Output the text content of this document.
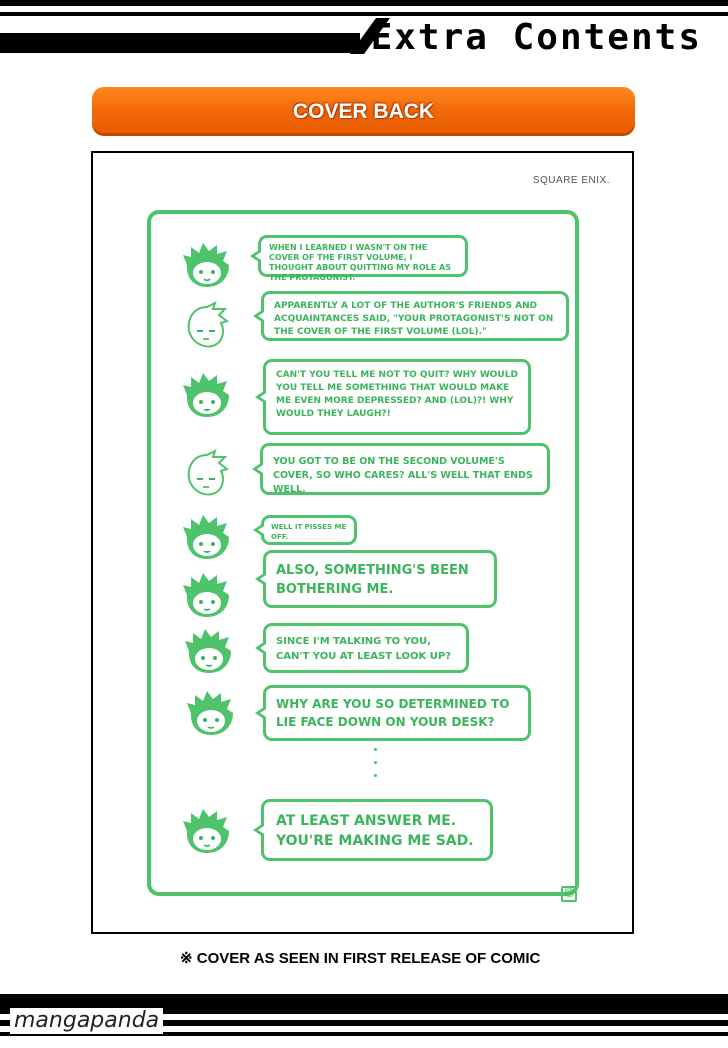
Extra Contents
COVER BACK
SQUARE ENIX.
WHEN I LEARNED I WASN'T ON THE COVER OF THE FIRST VOLUME, I THOUGHT ABOUT QUITTING MY ROLE AS THE PROTAGONIST.
APPARENTLY A LOT OF THE AUTHOR'S FRIENDS AND ACQUAINTANCES SAID, "YOUR PROTAGONIST'S NOT ON THE COVER OF THE FIRST VOLUME (LOL)."
CAN'T YOU TELL ME NOT TO QUIT? WHY WOULD YOU TELL ME SOMETHING THAT WOULD MAKE ME EVEN MORE DEPRESSED? AND (LOL)?! WHY WOULD THEY LAUGH?!
YOU GOT TO BE ON THE SECOND VOLUME'S COVER, SO WHO CARES? ALL'S WELL THAT ENDS WELL.
WELL IT PISSES ME OFF.
ALSO, SOMETHING'S BEEN BOTHERING ME.
SINCE I'M TALKING TO YOU, CAN'T YOU AT LEAST LOOK UP?
WHY ARE YOU SO DETERMINED TO LIE FACE DOWN ON YOUR DESK?
AT LEAST ANSWER ME. YOU'RE MAKING ME SAD.
懸
※ COVER AS SEEN IN FIRST RELEASE OF COMIC
mangapanda
